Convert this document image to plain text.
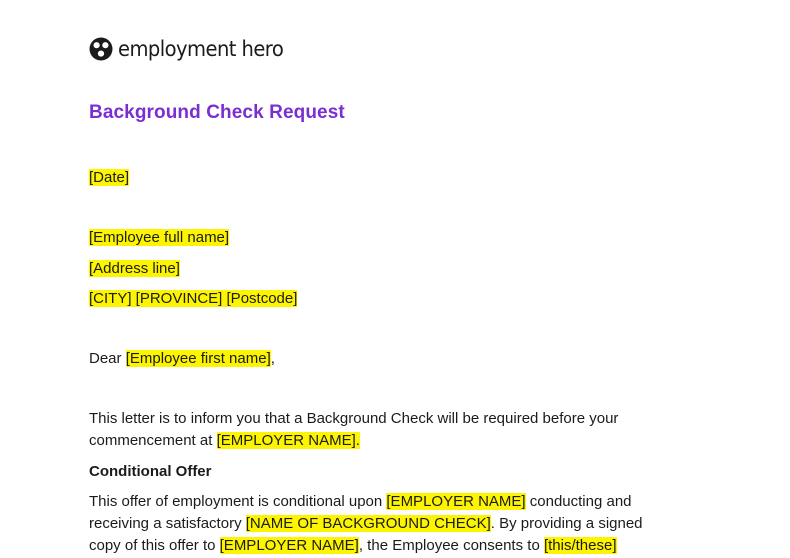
employment hero
Background Check Request
[Date]
[Employee full name]
[Address line]
[CITY] [PROVINCE] [Postcode]
Dear [Employee first name],
This letter is to inform you that a Background Check will be required before your commencement at [EMPLOYER NAME].
Conditional Offer
This offer of employment is conditional upon [EMPLOYER NAME] conducting and receiving a satisfactory [NAME OF BACKGROUND CHECK]. By providing a signed copy of this offer to [EMPLOYER NAME], the Employee consents to [this/these]
